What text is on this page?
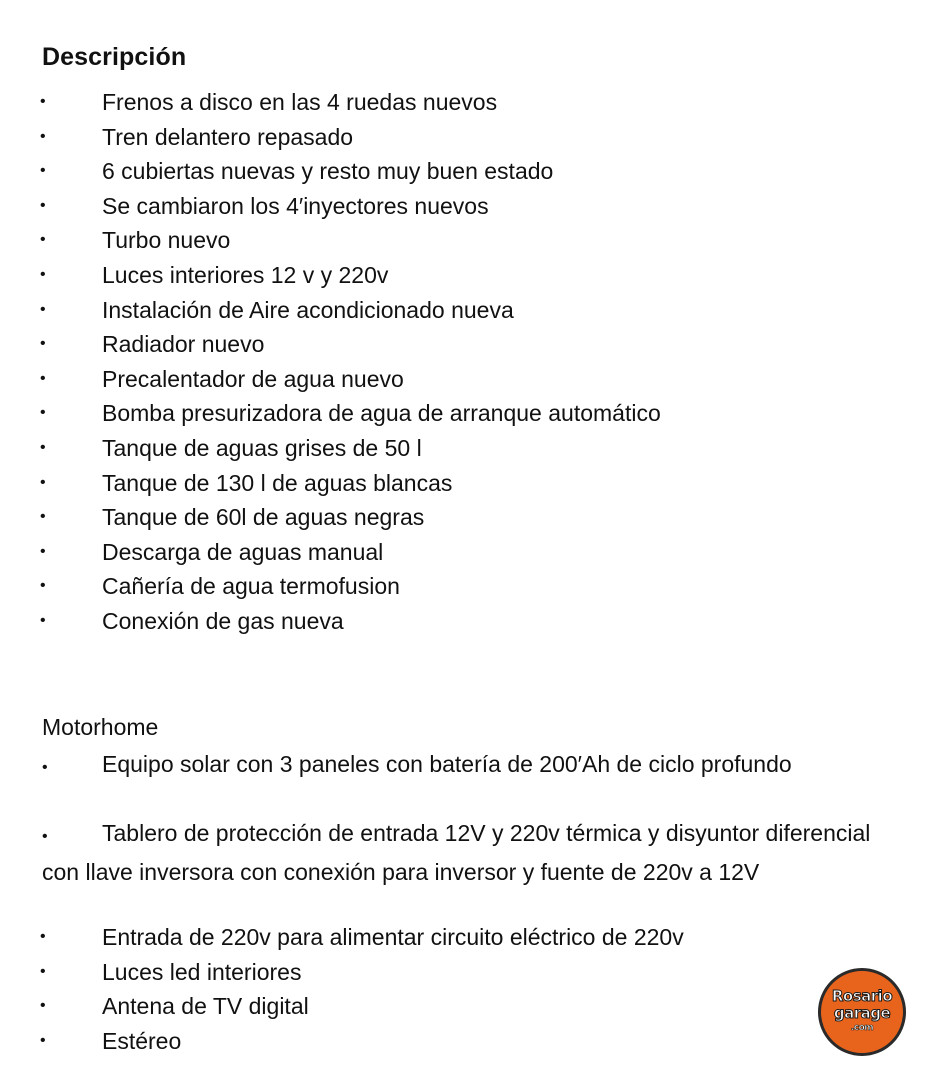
Descripción
• Frenos a disco en las 4 ruedas nuevos
• Tren delantero repasado
• 6 cubiertas nuevas y resto muy buen estado
• Se cambiaron los 4′inyectores nuevos
• Turbo nuevo
• Luces interiores 12 v y 220v
• Instalación de Aire acondicionado nueva
• Radiador nuevo
• Precalentador de agua nuevo
• Bomba presurizadora de agua de arranque automático
• Tanque de aguas grises de 50 l
• Tanque de 130 l de aguas blancas
• Tanque de 60l de aguas negras
• Descarga de aguas manual
• Cañería de agua termofusion
• Conexión de gas nueva

Motorhome

• Equipo solar con 3 paneles con batería de 200′Ah de ciclo profundo

• Tablero de protección de entrada 12V y 220v térmica y disyuntor diferencial con llave inversora con conexión para inversor y fuente de 220v a 12V

• Entrada de 220v para alimentar circuito eléctrico de 220v
• Luces led interiores
• Antena de TV digital
• Estéreo
Rosario
garage
.com
